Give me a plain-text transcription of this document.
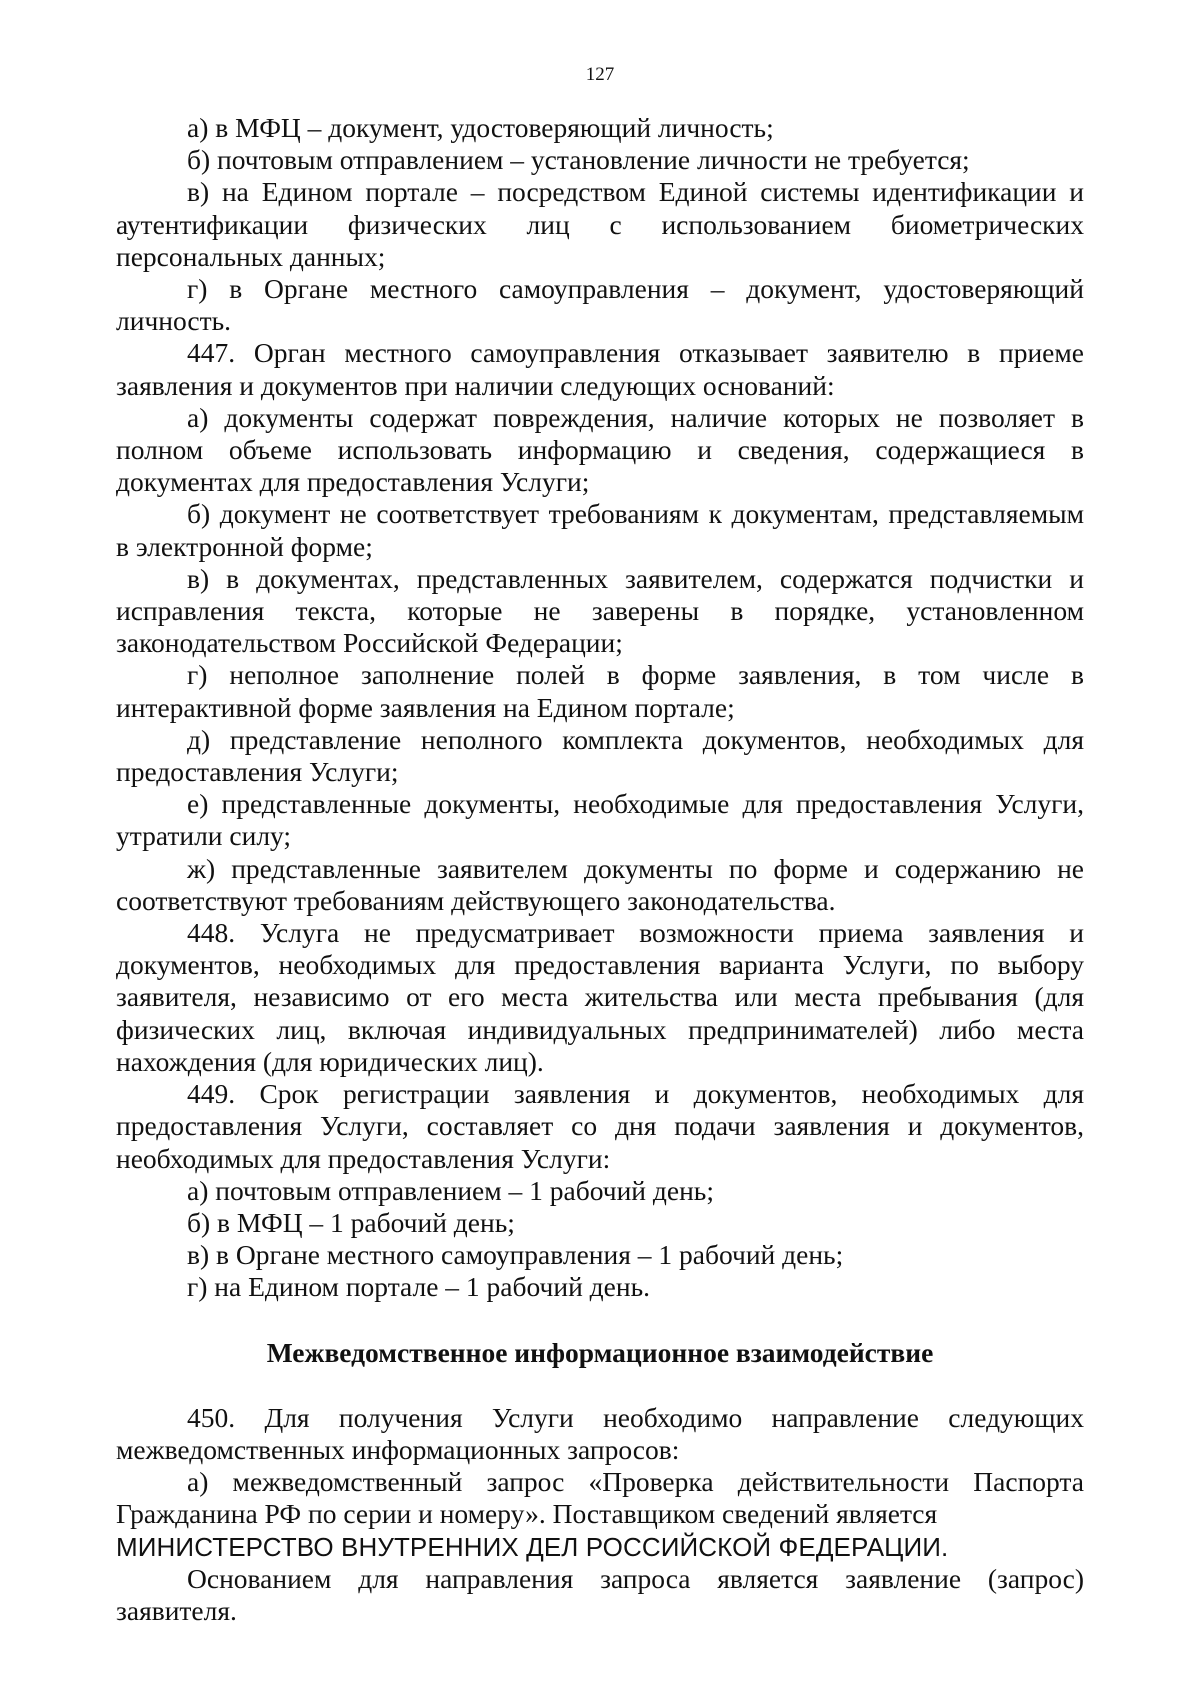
127

а) в МФЦ – документ, удостоверяющий личность;

б) почтовым отправлением – установление личности не требуется;

в) на Едином портале – посредством Единой системы идентификации и аутентификации физических лиц с использованием биометрических персональных данных;

г) в Органе местного самоуправления – документ, удостоверяющий личность.

447. Орган местного самоуправления отказывает заявителю в приеме заявления и документов при наличии следующих оснований:

а) документы содержат повреждения, наличие которых не позволяет в полном объеме использовать информацию и сведения, содержащиеся в документах для предоставления Услуги;

б) документ не соответствует требованиям к документам, представляемым в электронной форме;

в) в документах, представленных заявителем, содержатся подчистки и исправления текста, которые не заверены в порядке, установленном законодательством Российской Федерации;

г) неполное заполнение полей в форме заявления, в том числе в интерактивной форме заявления на Едином портале;

д) представление неполного комплекта документов, необходимых для предоставления Услуги;

е) представленные документы, необходимые для предоставления Услуги, утратили силу;

ж) представленные заявителем документы по форме и содержанию не соответствуют требованиям действующего законодательства.

448. Услуга не предусматривает возможности приема заявления и документов, необходимых для предоставления варианта Услуги, по выбору заявителя, независимо от его места жительства или места пребывания (для физических лиц, включая индивидуальных предпринимателей) либо места нахождения (для юридических лиц).

449. Срок регистрации заявления и документов, необходимых для предоставления Услуги, составляет со дня подачи заявления и документов, необходимых для предоставления Услуги:

а) почтовым отправлением – 1 рабочий день;

б) в МФЦ – 1 рабочий день;

в) в Органе местного самоуправления – 1 рабочий день;

г) на Едином портале – 1 рабочий день.

Межведомственное информационное взаимодействие

450. Для получения Услуги необходимо направление следующих межведомственных информационных запросов:

а) межведомственный запрос «Проверка действительности Паспорта Гражданина РФ по серии и номеру». Поставщиком сведений является

МИНИСТЕРСТВО ВНУТРЕННИХ ДЕЛ РОССИЙСКОЙ ФЕДЕРАЦИИ.

Основанием для направления запроса является заявление (запрос) заявителя.
